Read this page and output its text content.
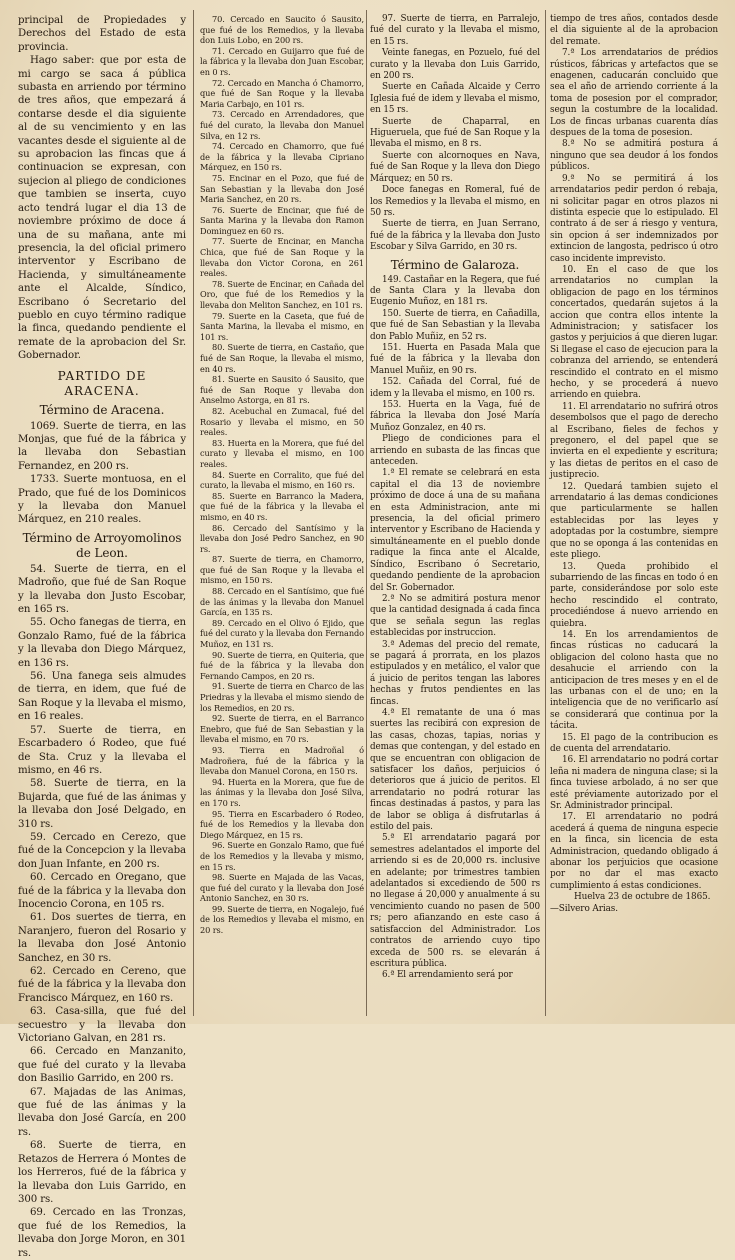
principal de Propiedades y Derechos del Estado de esta provincia.

Hago saber: que por esta de mi cargo se saca á pública subasta en arriendo por término de tres años, que empezará á contarse desde el dia siguiente al de su vencimiento y en las vacantes desde el siguiente al de su aprobacion las fincas que á continuacion se expresan, con sujecion al pliego de condiciones que tambien se inserta, cuyo acto tendrá lugar el dia 13 de noviembre próximo de doce á una de su mañana, ante mi presencia, la del oficial primero interventor y Escribano de Hacienda, y simultáneamente ante el Alcalde, Síndico, Escribano ó Secretario del pueblo en cuyo término radique la finca, quedando pendiente el remate de la aprobacion del Sr. Gobernador.

PARTIDO DE ARACENA.

Término de Aracena.

1069. Suerte de tierra, en las Monjas, que fué de la fábrica y la llevaba don Sebastian Fernandez, en 200 rs.

1733. Suerte montuosa, en el Prado, que fué de los Dominicos y la llevaba don Manuel Márquez, en 210 reales.

Término de Arroyomolinos de Leon.

54. Suerte de tierra, en el Madroño, que fué de San Roque y la llevaba don Justo Escobar, en 165 rs.

55. Ocho fanegas de tierra, en Gonzalo Ramo, fué de la fábrica y la llevaba don Diego Márquez, en 136 rs.

56. Una fanega seis almudes de tierra, en idem, que fué de San Roque y la llevaba el mismo, en 16 reales.

57. Suerte de tierra, en Escarbadero ó Rodeo, que fué de Sta. Cruz y la llevaba el mismo, en 46 rs.

58. Suerte de tierra, en la Bujarda, que fué de las ánimas y la llevaba don José Delgado, en 310 rs.

59. Cercado en Cerezo, que fué de la Concepcion y la llevaba don Juan Infante, en 200 rs.

60. Cercado en Oregano, que fué de la fábrica y la llevaba don Inocencio Corona, en 105 rs.

61. Dos suertes de tierra, en Naranjero, fueron del Rosario y la llevaba don José Antonio Sanchez, en 30 rs.

62. Cercado en Cereno, que fué de la fábrica y la llevaba don Francisco Márquez, en 160 rs.

63. Casa-silla, que fué del secuestro y la llevaba don Victoriano Galvan, en 281 rs.

66. Cercado en Manzanito, que fué del curato y la llevaba don Basilio Garrido, en 200 rs.

67. Majadas de las Animas, que fué de las ánimas y la llevaba don José García, en 200 rs.

68. Suerte de tierra, en Retazos de Herrera ó Montes de los Herreros, fué de la fábrica y la llevaba don Luis Garrido, en 300 rs.

69. Cercado en las Tronzas, que fué de los Remedios, la llevaba don Jorge Moron, en 301 rs.

70. Cercado en Saucito ó Sausito, que fué de los Remedios, y la llevaba don Luis Lobo, en 200 rs.

71. Cercado en Guijarro que fué de la fábrica y la llevaba don Juan Escobar, en 0 rs.

72. Cercado en Mancha ó Chamorro, que fué de San Roque y la llevaba Maria Carbajo, en 101 rs.

73. Cercado en Arrendadores, que fué del curato, la llevaba don Manuel Silva, en 12 rs.

74. Cercado en Chamorro, que fué de la fábrica y la llevaba Cipriano Márquez, en 150 rs.

75. Encinar en el Pozo, que fué de San Sebastian y la llevaba don José Maria Sanchez, en 20 rs.

76. Suerte de Encinar, que fué de Santa Marina y la llevaba don Ramon Dominguez en 60 rs.

77. Suerte de Encinar, en Mancha Chica, que fué de San Roque y la llevaba don Victor Corona, en 261 reales.

78. Suerte de Encinar, en Cañada del Oro, que fué de los Remedios y la llevaba don Meliton Sanchez, en 101 rs.

79. Suerte en la Caseta, que fué de Santa Marina, la llevaba el mismo, en 101 rs.

80. Suerte de tierra, en Castaño, que fué de San Roque, la llevaba el mismo, en 40 rs.

81. Suerte en Sausito ó Sausito, que fué de San Roque y llevaba don Anselmo Astorga, en 81 rs.

82. Acebuchal en Zumacal, fué del Rosario y llevaba el mismo, en 50 reales.

83. Huerta en la Morera, que fué del curato y llevaba el mismo, en 100 reales.

84. Suerte en Corralito, que fué del curato, la llevaba el mismo, en 160 rs.

85. Suerte en Barranco la Madera, que fué de la fábrica y la llevaba el mismo, en 40 rs.

86. Cercado del Santísimo y la llevaba don José Pedro Sanchez, en 90 rs.

87. Suerte de tierra, en Chamorro, que fué de San Roque y la llevaba el mismo, en 150 rs.

88. Cercado en el Santísimo, que fué de las ánimas y la llevaba don Manuel García, en 135 rs.

89. Cercado en el Olivo ó Ejido, que fué del curato y la llevaba don Fernando Muñoz, en 131 rs.

90. Suerte de tierra, en Quiteria, que fué de la fábrica y la llevaba don Fernando Campos, en 20 rs.

91. Suerte de tierra en Charco de las Priedras y la llevaba el mismo siendo de los Remedios, en 20 rs.

92. Suerte de tierra, en el Barranco Enebro, que fué de San Sebastian y la llevaba el mismo, en 70 rs.

93. Tierra en Madroñal ó Madroñera, fué de la fábrica y la llevaba don Manuel Corona, en 150 rs.

94. Huerta en la Morera, que fue de las ánimas y la llevaba don José Silva, en 170 rs.

95. Tierra en Escarbadero ó Rodeo, fué de los Remedios y la llevaba don Diego Márquez, en 15 rs.

96. Suerte en Gonzalo Ramo, que fué de los Remedios y la llevaba y mismo, en 15 rs.

98. Suerte en Majada de las Vacas, que fué del curato y la llevaba don José Antonio Sanchez, en 30 rs.

99. Suerte de tierra, en Nogalejo, fué de los Remedios y llevaba el mismo, en 20 rs.

97. Suerte de tierra, en Parralejo, fué del curato y la llevaba el mismo, en 15 rs.

Veinte fanegas, en Pozuelo, fué del curato y la llevaba don Luis Garrido, en 200 rs.

Suerte en Cañada Alcaide y Cerro Iglesia fué de idem y llevaba el mismo, en 15 rs.

Suerte de Chaparral, en Higueruela, que fué de San Roque y la llevaba el mismo, en 8 rs.

Suerte con alcornoques en Nava, fué de San Roque y la lleva don Diego Márquez; en 50 rs.

Doce fanegas en Romeral, fué de los Remedios y la llevaba el mismo, en 50 rs.

Suerte de tierra, en Juan Serrano, fué de la fábrica y la llevaba don Justo Escobar y Silva Garrido, en 30 rs.

Término de Galaroza.

149. Castañar en la Regera, que fué de Santa Clara y la llevaba don Eugenio Muñoz, en 181 rs.

150. Suerte de tierra, en Cañadilla, que fué de San Sebastian y la llevaba don Pablo Muñiz, en 52 rs.

151. Huerta en Pasada Mala que fué de la fábrica y la llevaba don Manuel Muñiz, en 90 rs.

152. Cañada del Corral, fué de idem y la llevaba el mismo, en 100 rs.

153. Huerta en la Vaga, fué de fábrica la llevaba don José María Muñoz Gonzalez, en 40 rs.

Pliego de condiciones para el arriendo en subasta de las fincas que anteceden.

1.ª El remate se celebrará en esta capital el dia 13 de noviembre próximo de doce á una de su mañana en esta Administracion, ante mi presencia, la del oficial primero interventor y Escribano de Hacienda y simultáneamente en el pueblo donde radique la finca ante el Alcalde, Síndico, Escribano ó Secretario, quedando pendiente de la aprobacion del Sr. Gobernador.

2.ª No se admitirá postura menor que la cantidad designada á cada finca que se señala segun las reglas establecidas por instruccion.

3.ª Ademas del precio del remate, se pagará á prorrata, en los plazos estipulados y en metálico, el valor que á juicio de peritos tengan las labores hechas y frutos pendientes en las fincas.

4.ª El rematante de una ó mas suertes las recibirá con expresion de las casas, chozas, tapias, norias y demas que contengan, y del estado en que se encuentran con obligacion de satisfacer los daños, perjuicios ó deterioros que á juicio de peritos. El arrendatario no podrá roturar las fincas destinadas á pastos, y para las de labor se obliga á disfrutarlas á estilo del pais.

5.ª El arrendatario pagará por semestres adelantados el importe del arriendo si es de 20,000 rs. inclusive en adelante; por trimestres tambien adelantados si excediendo de 500 rs no llegase á 20,000 y anualmente á su vencimiento cuando no pasen de 500 rs; pero afianzando en este caso á satisfaccion del Administrador. Los contratos de arriendo cuyo tipo exceda de 500 rs. se elevarán á escritura pública.

6.ª El arrendamiento será por

tiempo de tres años, contados desde el dia siguiente al de la aprobacion del remate.

7.ª Los arrendatarios de prédios rústicos, fábricas y artefactos que se enagenen, caducarán concluido que sea el año de arriendo corriente á la toma de posesion por el comprador, segun la costumbre de la localidad. Los de fincas urbanas cuarenta días despues de la toma de posesion.

8.ª No se admitirá postura á ninguno que sea deudor á los fondos públicos.

9.ª No se permitirá á los arrendatarios pedir perdon ó rebaja, ni solicitar pagar en otros plazos ni distinta especie que lo estipulado. El contrato á de ser á riesgo y ventura, sin opcion á ser indemnizados por extincion de langosta, pedrisco ú otro caso incidente imprevisto.

10. En el caso de que los arrendatarios no cumplan la obligacion de pago en los términos concertados, quedarán sujetos á la accion que contra ellos intente la Administracion; y satisfacer los gastos y perjuicios á que dieren lugar. Si llegase el caso de ejecucion para la cobranza del arriendo, se entenderá rescindido el contrato en el mismo hecho, y se procederá á nuevo arriendo en quiebra.

11. El arrendatario no sufrirá otros desembolsos que el pago de derecho al Escribano, fieles de fechos y pregonero, el del papel que se invierta en el expediente y escritura; y las dietas de peritos en el caso de justiprecio.

12. Quedará tambien sujeto el arrendatario á las demas condiciones que particularmente se hallen establecidas por las leyes y adoptadas por la costumbre, siempre que no se oponga á las contenidas en este pliego.

13. Queda prohibido el subarriendo de las fincas en todo ó en parte, considerándose por solo este hecho rescindido el contrato, procediéndose á nuevo arriendo en quiebra.

14. En los arrendamientos de fincas rústicas no caducará la obligacion del colono hasta que no desahucie el arriendo con la anticipacion de tres meses y en el de las urbanas con el de uno; en la inteligencia que de no verificarlo así se considerará que continua por la tácita.

15. El pago de la contribucion es de cuenta del arrendatario.

16. El arrendatario no podrá cortar leña ni madera de ninguna clase; si la finca tuviese arbolado, á no ser que esté préviamente autorizado por el Sr. Administrador principal.

17. El arrendatario no podrá acederá á quema de ninguna especie en la finca, sin licencia de esta Administracion, quedando obligado á abonar los perjuicios que ocasione por no dar el mas exacto cumplimiento á estas condiciones.

Huelva 23 de octubre de 1865.

—Silvero Arias.
